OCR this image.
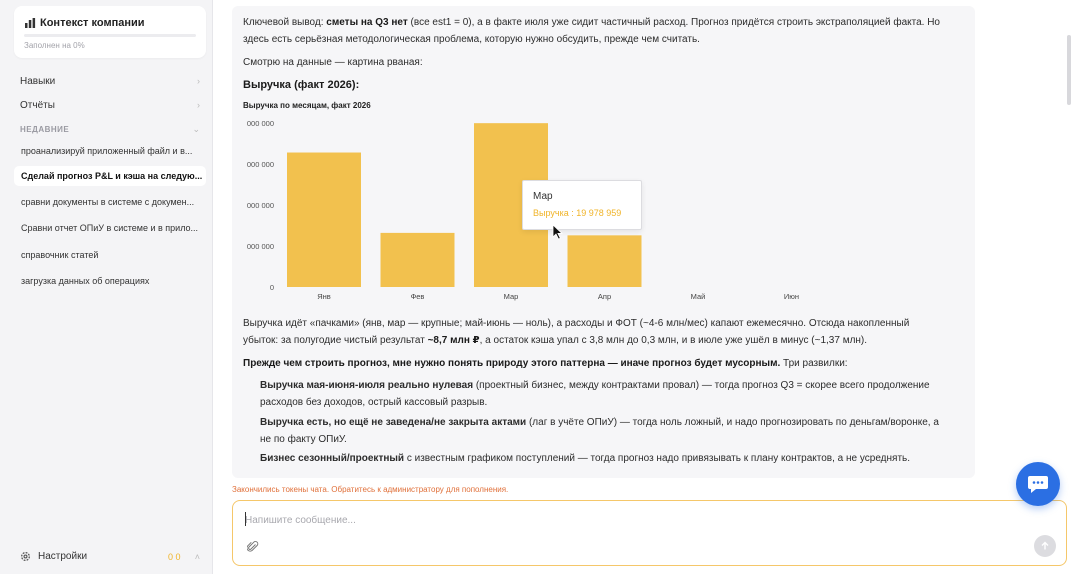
Контекст компании
Заполнен на 0%
Навыки	›
Отчёты	›
НЕДАВНИЕ	⌄
проанализируй приложенный файл и в...
Сделай прогноз P&L и кэша на следую...
сравни документы в системе с докумен...
Сравни отчет ОПиУ в системе и в прило...
справочник статей
загрузка данных об операциях
Настройки	0 0 ˄
Ключевой вывод: сметы на Q3 нет (все est1 = 0), а в факте июля уже сидит частичный расход. Прогноз придётся строить экстраполяцией факта. Но
здесь есть серьёзная методологическая проблема, которую нужно обсудить, прежде чем считать.
Смотрю на данные — картина рваная:
Выручка (факт 2026):
Выручка по месяцам, факт 2026
0
000 000
000 000
000 000
000 000
Янв	Фев	Мар	Апр	Май	Июн
Мар
Выручка : 19 978 959
Выручка идёт «пачками» (янв, мар — крупные; май-июнь — ноль), а расходы и ФОТ (~4-6 млн/мес) капают ежемесячно. Отсюда накопленный
убыток: за полугодие чистый результат ~8,7 млн ₽, а остаток кэша упал с 3,8 млн до 0,3 млн, и в июле уже ушёл в минус (~1,37 млн).
Прежде чем строить прогноз, мне нужно понять природу этого паттерна — иначе прогноз будет мусорным. Три развилки:
Выручка мая-июня-июля реально нулевая (проектный бизнес, между контрактами провал) — тогда прогноз Q3 = скорее всего продолжение
расходов без доходов, острый кассовый разрыв.
Выручка есть, но ещё не заведена/не закрыта актами (лаг в учёте ОПиУ) — тогда ноль ложный, и надо прогнозировать по деньгам/воронке, а
не по факту ОПиУ.
Бизнес сезонный/проектный с известным графиком поступлений — тогда прогноз надо привязывать к плану контрактов, а не усреднять.
Закончились токены чата. Обратитесь к администратору для пополнения.
Напишите сообщение...
